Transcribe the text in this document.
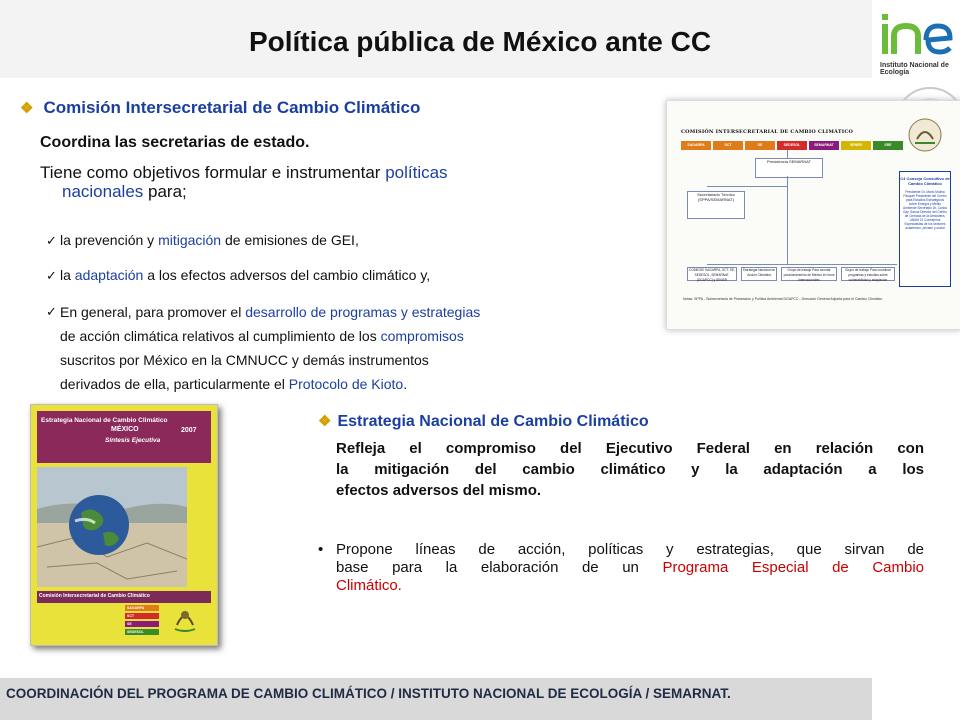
Política pública de México ante CC
Instituto Nacional de Ecología
❖ Comisión Intersecretarial de Cambio Climático
Coordina las secretarias de estado.
Tiene como objetivos formular e instrumentar políticas
nacionales para;
✓ la prevención y mitigación de emisiones de GEI,
✓ la adaptación a los efectos adversos del cambio climático y,
✓ En general, para promover el desarrollo de programas y estrategias
de acción climática relativos al cumplimiento de los compromisos
suscritos por México en la CMNUCC y demás instrumentos
derivados de ella, particularmente el Protocolo de Kioto.
COMISIÓN INTERSECRETARIAL DE CAMBIO CLIMÁTICO
SAGARPA	SCT	SE	SEDESOL	SEMARNAT	SENER	SRE
Presidencia SEMARNAT
Secretariado Técnico (SPPA/SEMARNAT)
COMEGEI SAGARPA, SCT, SE, SEDESOL, SEMARNAT, (DGAPCC) y SENER
Estrategia Nacional de Acción Climática
Grupo de trabajo Para acordar posicionamiento de México en foros internacionales
Grupo de trabajo Para coordinar programas y estudios sobre vulnerabilidad y adaptación
Notas: SPPA - Subsecretaría de Planeación y Política Ambiental DGAPCC - Dirección General Adjunta para el Cambio Climático
C4 Consejo Consultivo de Cambio Climático
Presidente Dr. Mario Molina Pasquel Presidente del Centro para Estudios Estratégicos sobre Energía y Medio Ambiente Secretario Dr. Carlos Gay García Director del Centro de Ciencias de la Atmósfera, UNAM 21 Consejeros Especialistas de los sectores académico, privado y social
Estrategia Nacional de Cambio Climático
MÉXICO	2007
Síntesis Ejecutiva
Comisión Intersecretarial de Cambio Climático
SAGARPA
SCT
SE
SEDESOL
❖ Estrategia Nacional de Cambio Climático
Refleja el compromiso del Ejecutivo Federal en relación con
la mitigación del cambio climático y la adaptación a los
efectos adversos del mismo.
• Propone líneas de acción, políticas y estrategias, que sirvan de
base para la elaboración de un Programa Especial de Cambio
Climático.
COORDINACIÓN DEL PROGRAMA DE CAMBIO CLIMÁTICO / INSTITUTO NACIONAL DE ECOLOGÍA / SEMARNAT.
